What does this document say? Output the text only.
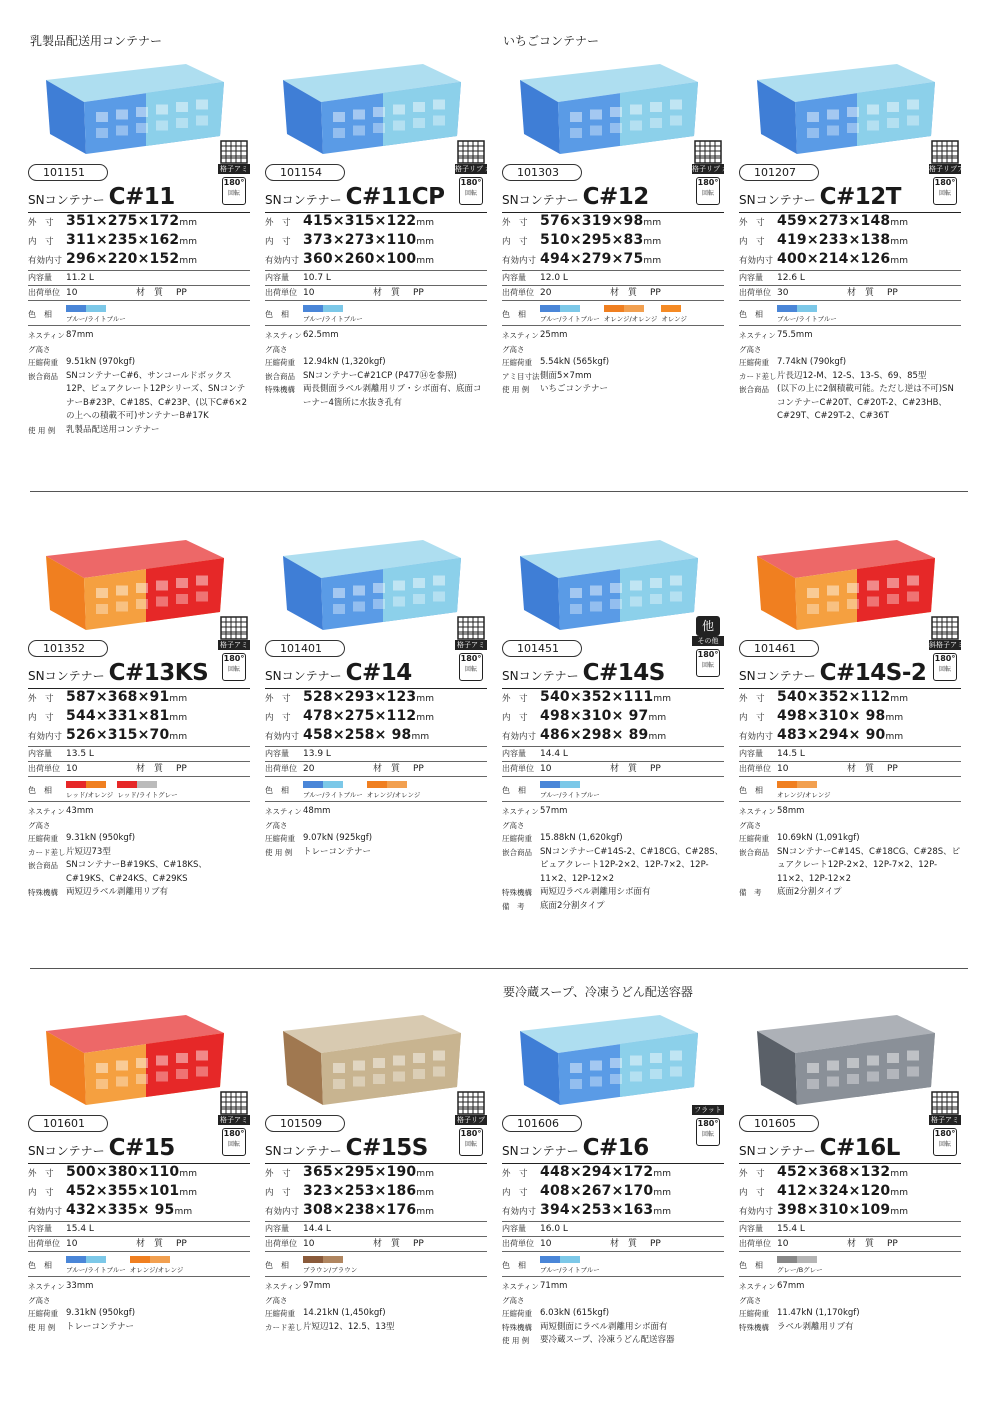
乳製品配送用コンテナー	いちごコンテナー
要冷蔵スープ、冷凍うどん配送容器
101151	格子アミ
180°
回転
SNコンテナー C#11
外　寸 351×275×172mm
内　寸 311×235×162mm
有効内寸 296×220×152mm
内容量	11.2 L
出荷単位 10	材　質	PP
色　相	ブルー/ライトブルー
ネスティング高さ
87mm
圧縮荷重 9.51kN (970kgf)
嵌合商品 SNコンテナーC#6、サンコールドボックス12P、ピュアクレート12Pシリーズ、SNコンテナーB#23P、C#18S、C#23P、(以下C#6×2の上への積載不可)サンテナーB#17K
使 用 例	乳製品配送用コンテナー
101154	格子リブ 水抜き孔有
180°
回転
SNコンテナー C#11CP
外　寸 415×315×122mm
内　寸 373×273×110mm
有効内寸 360×260×100mm
内容量	10.7 L
出荷単位 10	材　質	PP
色　相	ブルー/ライトブルー
ネスティング高さ
62.5mm
圧縮荷重 12.94kN (1,320kgf)
嵌合商品 SNコンテナーC#21CP (P477⑭を参照)
特殊機構 両長側面ラベル剥離用リブ・シボ面有、底面コーナー4箇所に水抜き孔有
101303	格子リブ 水抜き孔有
180°
回転
SNコンテナー C#12
外　寸 576×319×98mm
内　寸 510×295×83mm
有効内寸 494×279×75mm
内容量	12.0 L
出荷単位 20	材　質	PP
色　相	ブルー/ライトブルー オレンジ/オレンジ オレンジ
ネスティング高さ
25mm
圧縮荷重 5.54kN (565kgf)
アミ目寸法 側面5×7mm
使 用 例	いちごコンテナー
101207	格子リブアミ
180°
回転
SNコンテナー C#12T
外　寸 459×273×148mm
内　寸 419×233×138mm
有効内寸 400×214×126mm
内容量	12.6 L
出荷単位 30	材　質	PP
色　相	ブルー/ライトブルー
ネスティング高さ
75.5mm
圧縮荷重 7.74kN (790kgf)
カード差し 片長辺12-M、12-S、13-S、69、85型
嵌合商品 (以下の上に2個積載可能。ただし逆は不可)SNコンテナーC#20T、C#20T-2、C#23HB、C#29T、C#29T-2、C#36T
101352	格子アミ
180°
回転
SNコンテナー C#13KS
外　寸 587×368×91mm
内　寸 544×331×81mm
有効内寸 526×315×70mm
内容量	13.5 L
出荷単位 10	材　質	PP
色　相	レッド/オレンジ レッド/ライトグレー
ネスティング高さ
43mm
圧縮荷重 9.31kN (950kgf)
カード差し 片短辺73型
嵌合商品 SNコンテナーB#19KS、C#18KS、C#19KS、C#24KS、C#29KS
特殊機構 両短辺ラベル剥離用リブ有
101401	格子アミ
180°
回転
SNコンテナー C#14
外　寸 528×293×123mm
内　寸 478×275×112mm
有効内寸 458×258× 98mm
内容量	13.9 L
出荷単位 20	材　質	PP
色　相	ブルー/ライトブルー オレンジ/オレンジ
ネスティング高さ
48mm
圧縮荷重 9.07kN (925kgf)
使 用 例	トレーコンテナー
101451
他
その他
180°
回転
SNコンテナー C#14S
外　寸 540×352×111mm
内　寸 498×310× 97mm
有効内寸 486×298× 89mm
内容量	14.4 L
出荷単位 10	材　質	PP
色　相	ブルー/ライトブルー
ネスティング高さ
57mm
圧縮荷重 15.88kN (1,620kgf)
嵌合商品 SNコンテナーC#14S-2、C#18CG、C#28S、ピュアクレート12P-2×2、12P-7×2、12P-11×2、12P-12×2
特殊機構 両短辺ラベル剥離用シボ面有
備　考	底面2分割タイプ
101461	斜格子アミ
180°
回転
SNコンテナー C#14S-2
外　寸 540×352×112mm
内　寸 498×310× 98mm
有効内寸 483×294× 90mm
内容量	14.5 L
出荷単位 10	材　質	PP
色　相	オレンジ/オレンジ
ネスティング高さ
58mm
圧縮荷重 10.69kN (1,091kgf)
嵌合商品 SNコンテナーC#14S、C#18CG、C#28S、ピュアクレート12P-2×2、12P-7×2、12P-11×2、12P-12×2
備　考	底面2分割タイプ
101601	格子アミ
180°
回転
SNコンテナー C#15
外　寸 500×380×110mm
内　寸 452×355×101mm
有効内寸 432×335× 95mm
内容量	15.4 L
出荷単位 10	材　質	PP
色　相	ブルー/ライトブルー オレンジ/オレンジ
ネスティング高さ
33mm
圧縮荷重 9.31kN (950kgf)
使 用 例	トレーコンテナー
101509	格子リブ
180°
回転
SNコンテナー C#15S
外　寸 365×295×190mm
内　寸 323×253×186mm
有効内寸 308×238×176mm
内容量	14.4 L
出荷単位 10	材　質	PP
色　相	ブラウン/ブラウン
ネスティング高さ
97mm
圧縮荷重 14.21kN (1,450kgf)
カード差し 片短辺12、12.5、13型
101606
フラット
180°
回転
SNコンテナー C#16
外　寸 448×294×172mm
内　寸 408×267×170mm
有効内寸 394×253×163mm
内容量	16.0 L
出荷単位 10	材　質	PP
色　相	ブルー/ライトブルー
ネスティング高さ
71mm
圧縮荷重 6.03kN (615kgf)
特殊機構 両短側面にラベル剥離用シボ面有
使 用 例	要冷蔵スープ、冷凍うどん配送容器
101605	格子アミ
180°
回転
SNコンテナー C#16L
外　寸 452×368×132mm
内　寸 412×324×120mm
有効内寸 398×310×109mm
内容量	15.4 L
出荷単位 10	材　質	PP
色　相	グレー/Bグレー
ネスティング高さ
67mm
圧縮荷重 11.47kN (1,170kgf)
特殊機構 ラベル剥離用リブ有
